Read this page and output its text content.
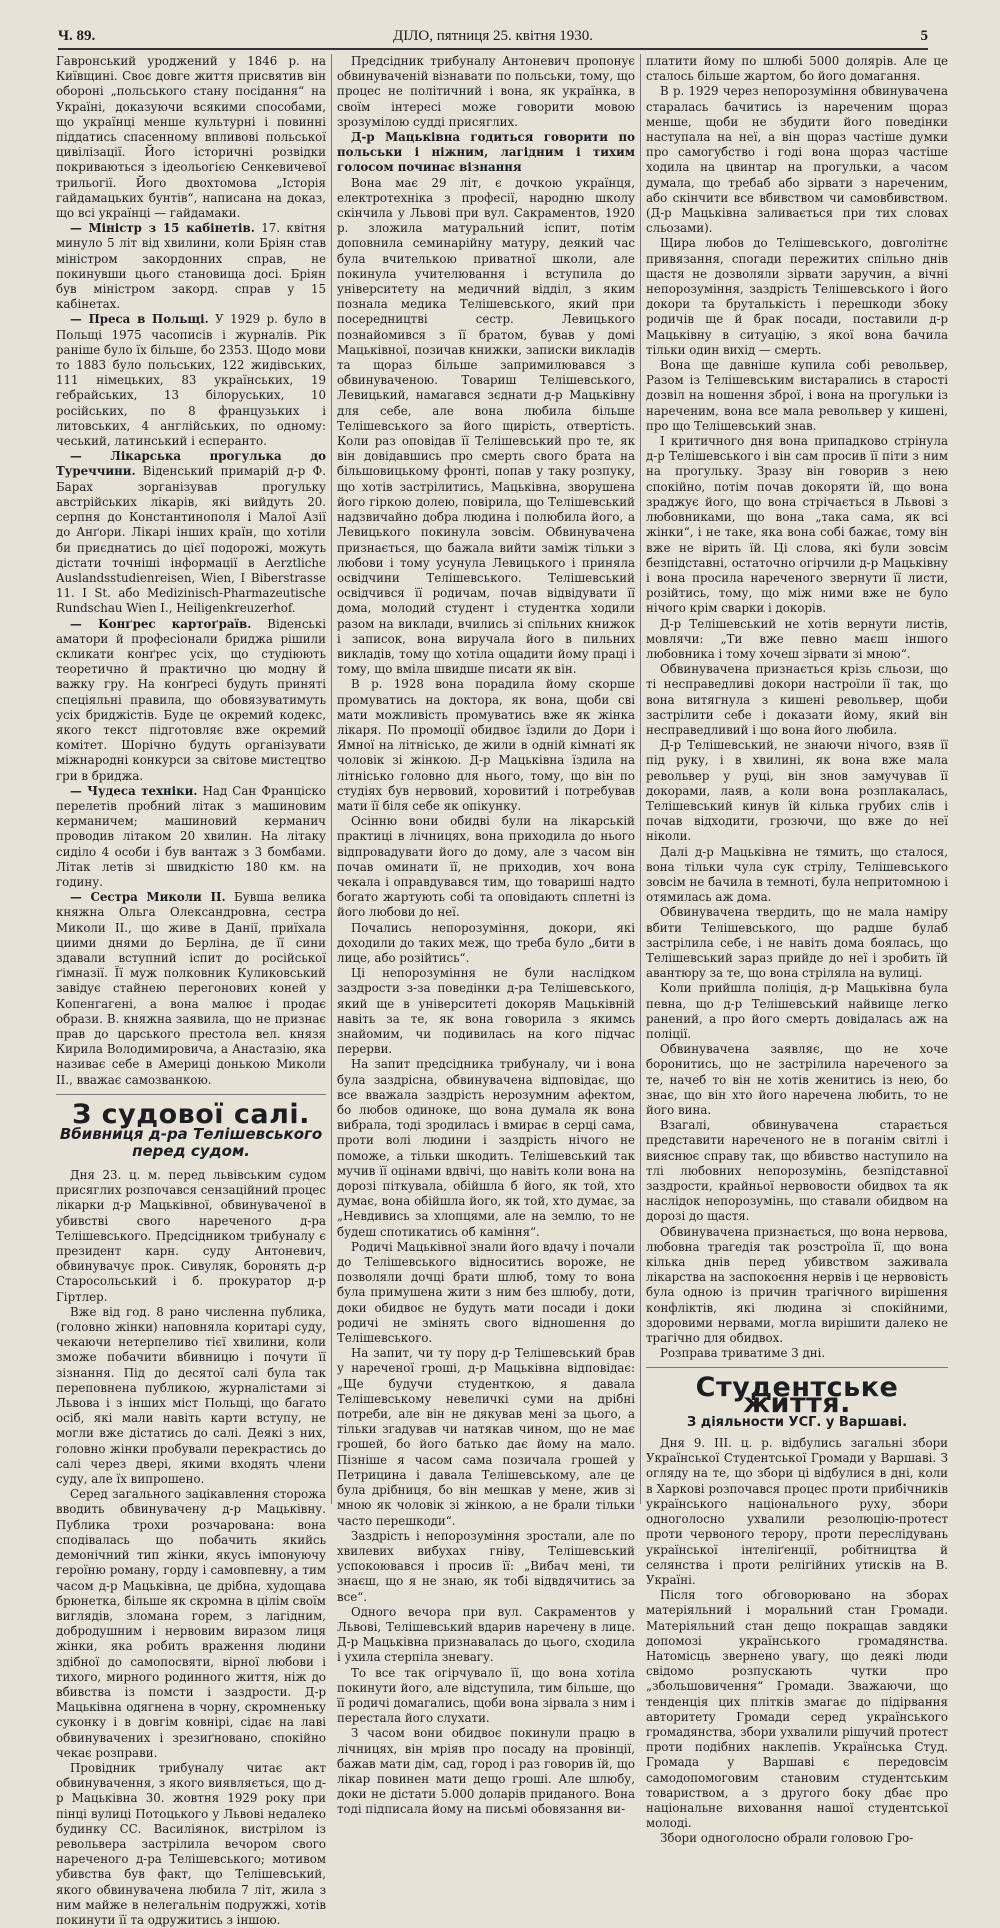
Ч. 89.	ДІЛО, пятниця 25. квітня 1930.	5

Гавронський уроджений у 1846 р. на Київщині. Своє довге життя присвятив він обороні „польського стану посідання“ на Україні, доказуючи всякими способами, що українці менше культурні і повинні піддатись спасенному впливові польської цивілізації. Його історичні розвідки покриваються з ідеольогією Сенкевичевої трильогії. Його двохтомова „Історія гайдамацьких бунтів“, написана на доказ, що всі українці — гайдамаки.

— Міністр з 15 кабінетів. 17. квітня минуло 5 літ від хвилини, коли Бріян став міністром закордонних справ, не покинувши цього становища досі. Бріян був міністром закорд. справ у 15 кабінетах.

— Преса в Польщі. У 1929 р. було в Польщі 1975 часописів і журналів. Рік раніше було їх більше, бо 2353. Щодо мови то 1883 було польських, 122 жидівських, 111 німецьких, 83 українських, 19 гебрайських, 13 білоруських, 10 російських, по 8 французьких і литовських, 4 англійських, по одному: чеський, латинський і есперанто.

— Лікарська прогулька до Туреччини. Віденський примарій д-р Ф. Барах зорганізував прогульку австрійських лікарів, які вийдуть 20. серпня до Константинополя і Малої Азії до Анґори. Лікарі інших країн, що хотіли би приєднатись до цієї подорожі, можуть дістати точніші інформації в Aerztliche Auslandsstudienreisen, Wien, I Biberstrasse 11. I St. або Medizinisch-Pharmazeutische Rundschau Wien I., Heiligenkreuzerhof.

— Конґрес картоґраїв. Віденські аматори й професіонали бриджа рішили скликати конґрес усіх, що студіюють теоретично й практично цю модну й важку гру. На конґресі будуть приняті спеціяльні правила, що обовязуватимуть усіх бриджістів. Буде це окремий кодекс, якого текст підготовляє вже окремий комітет. Шорічно будуть організувати міжнародні конкурси за світове мистецтво гри в бриджа.

— Чудеса техніки. Над Сан Франціско перелетів пробний літак з машиновим керманичем; машиновий керманич проводив літаком 20 хвилин. На літаку сиділо 4 особи і був вантаж з 3 бомбами. Літак летів зі швидкістю 180 км. на годину.

— Сестра Миколи II. Бувша велика княжна Ольга Олександровна, сестра Миколи II., що живе в Данії, приїхала циими днями до Берліна, де її сини здавали вступний іспит до російської ґімназії. Її муж полковник Куликовський завідує стайнею перегонових коней у Копенгагені, а вона малює і продає образи. В. княжна заявила, що не признає прав до царського престола вел. князя Кирила Володимировича, а Анастазію, яка називає себе в Америці донькою Миколи II., вважає самозванкою.

З судової салі.
Вбивниця д-ра Телішевського перед судом.

Дня 23. ц. м. перед львівським судом присяглих розпочався сензаційний процес лікарки д-р Мацьківної, обвинуваченої в убивстві свого нареченого д-ра Телішевського. Предсідником трибуналу є президент карн. суду Антоневич, обвинувачує прок. Сивуляк, боронять д-р Старосольський і б. прокуратор д-р Гіртлер.

Вже від год. 8 рано численна публика, (головно жінки) наповняла коритарі суду, чекаючи нетерпеливо тієї хвилини, коли зможе побачити вбивницю і почути її зізнання. Під до десятої салі була так переповнена публикою, журналістами зі Львова і з інших міст Польщі, що багато осіб, які мали навіть карти вступу, не могли вже дістатись до салі. Деякі з них, головно жінки пробували перекрастись до салі через двері, якими входять члени суду, але їх випрошено.

Серед загального зацікавлення сторожа вводить обвинувачену д-р Мацьківну. Публика трохи розчарована: вона сподівалась що побачить якийсь демонічний тип жінки, якусь імпонуючу героїню роману, горду і самовпевну, а тим часом д-р Мацьківна, це дрібна, худощава брюнетка, більше як скромна в цілім своїм виглядів, зломана горем, з лагідним, добродушним і нервовим виразом лиця жінки, яка робить враження людини здібної до самопосвяти, вірної любови і тихого, мирного родинного життя, ніж до вбивства із помсти і заздрости. Д-р Мацьківна одягнена в чорну, скромненьку суконку і в довгім ковнірі, сідає на лаві обвинувачених і зрезиґновано, спокійно чекає розправи.

Провідник трибуналу читає акт обвинувачення, з якого виявляється, що д-р Мацьківна 30. жовтня 1929 року при пінці вулиці Потоцького у Львові недалеко будинку СС. Василіянок, вистрілом із револьвера застрілила вечором свого нареченого д-ра Телішевського; мотивом убивства був факт, що Телішевський, якого обвинувачена любила 7 літ, жила з ним майже в нелегальнім подружжі, хотів покинути її та одружитись з іншою.

Предсідник трибуналу Антоневич пропонує обвинуваченій візнавати по польськи, тому, що процес не політичний і вона, як українка, в своїм інтересі може говорити мовою зрозумілою судді присяглих.

Д-р Мацьківна годиться говорити по польськи і ніжним, лагідним і тихим голосом починає візнання

Вона має 29 літ, є дочкою українця, електротехніка з професії, народню школу скінчила у Львові при вул. Сакраментов, 1920 р. зложила матуральний іспит, потім доповнила семинарійну матуру, деякий час була вчителькою приватної школи, але покинула учителювання і вступила до університету на медичний відділ, з яким познала медика Телішевського, який при посередництві сестр. Левицького познайомився з її братом, бував у домі Мацьківної, позичав книжки, записки викладів та щораз більше запримилювався з обвинуваченою. Товариш Телішевського, Левицький, намагався зєднати д-р Мацьківну для себе, але вона любила більше Телішевського за його щирість, отвертість. Коли раз оповідав її Телішевський про те, як він довідавшись про смерть свого брата на більшовицькому фронті, попав у таку розпуку, що хотів застрілитись, Мацьківна, зворушена його гіркою долею, повірила, що Телішевський надзвичайно добра людина і полюбила його, а Левицького покинула зовсім. Обвинувачена признається, що бажала вийти заміж тільки з любови і тому усунула Левицького і приняла освідчини Телішевського. Телішевський освідчився її родичам, почав відвідувати її дома, молодий студент і студентка ходили разом на виклади, вчились зі спільних книжок і записок, вона виручала його в пильних викладів, тому що хотіла ощадити йому праці і тому, що вміла швидше писати як він.

В р. 1928 вона порадила йому скорше промуватись на доктора, як вона, щоби сві мати можливість промуватись вже як жінка лікаря. По промоції обидвоє їздили до Дори і Ямної на літнісько, де жили в одній кімнаті як чоловік зі жінкою. Д-р Мацьківна їздила на літнісько головно для нього, тому, що він по студіях був нервовий, хоровитий і потребував мати її біля себе як опікунку.

Осінню вони обидві були на лікарській практиці в лічницях, вона приходила до нього відпровадувати його до дому, але з часом він почав оминати її, не приходив, хоч вона чекала і оправдувався тим, що товариші надто богато жартують собі та оповідають сплетні із його любови до неї.

Почались непорозуміння, докори, які доходили до таких меж, що треба було „бити в лице, або розійтись“.

Ці непорозуміння не були наслідком заздрости з-за поведінки д-ра Телішевського, який ще в університеті докоряв Мацьківній навіть за те, як вона говорила з якимсь знайомим, чи подивилась на кого підчас перерви.

На запит предсідника трибуналу, чи і вона була заздрісна, обвинувачена відповідає, що все вважала заздрість нерозумним афектом, бо любов одиноке, що вона думала як вона вибрала, тоді зродилась і вмирає в серці сама, проти волі людини і заздрість нічого не поможе, а тільки шкодить. Телішевський так мучив її оцінами вдвічі, що навіть коли вона на дорозі піткувала, обійшла б його, як той, хто думає, вона обійшла його, як той, хто думає, за „Невдивись за хлопцями, але на землю, то не будеш спотикатись об каміння“.

Родичі Мацьківної знали його вдачу і почали до Телішевського відноситись вороже, не позволяли дочці брати шлюб, тому то вона була примушена жити з ним без шлюбу, доти, доки обидвоє не будуть мати посади і доки родичі не змінять свого відношення до Телішевського.

На запит, чи ту пору д-р Телішевський брав у нареченої гроші, д-р Мацьківна відповідає: „Ще будучи студенткою, я давала Телішевському невеличкі суми на дрібні потреби, але він не дякував мені за цього, а тільки згадував чи натякав чином, що не має грошей, бо його батько дає йому на мало. Пізніше я часом сама позичала грошей у Петрицина і давала Телішевському, але це була дрібниця, бо він мешкав у мене, жив зі мною як чоловік зі жінкою, а не брали тільки часто перешкоди“.

Заздрість і непорозуміння зростали, але по хвилевих вибухах гніву, Телішевський успокоювався і просив її: „Вибач мені, ти знаєш, що я не знаю, як тобі відвдячитись за все“.

Одного вечора при вул. Сакраментов у Львові, Телішевський вдарив наречену в лице. Д-р Мацьківна признавалась до цього, сходила і ухила стерпіла зневагу.

То все так огірчувало її, що вона хотіла покинути його, але відступила, тим більше, що її родичі домагались, щоби вона зірвала з ним і перестала його слухати.

З часом вони обидвоє покинули працю в лічницях, він мріяв про посаду на провінції, бажав мати дім, сад, город і раз говорив їй, що лікар повинен мати дещо гроші. Але шлюбу, доки не дістати 5.000 доларів приданого. Вона тоді підписала йому на письмі обовязання ви-

платити йому по шлюбі 5000 долярів. Але це сталось більше жартом, бо його домагання.

В р. 1929 через непорозуміння обвинувачена старалась бачитись із нареченим щораз менше, щоби не збудити його поведінки наступала на неї, а він щораз частіше думки про самогубство і годі вона щораз частіше ходила на цвинтар на прогульки, а часом думала, що требаб або зірвати з нареченим, або скінчити все вбивством чи самовбивством. (Д-р Мацьківна заливається при тих словах сльозами).

Щира любов до Телішевського, довголітнє привязання, спогади пережитих спільно днів щастя не дозволяли зірвати заручин, а вічні непорозуміння, заздрість Телішевського і його докори та бруталькість і перешкоди збоку родичів ще й брак посади, поставили д-р Мацьківну в ситуацію, з якої вона бачила тільки один вихід — смерть.

Вона ще давніше купила собі револьвер, Разом із Телішевським вистарались в старості дозвіл на ношення зброї, і вона на прогульки із нареченим, вона все мала револьвер у кишені, про що Телішевський знав.

І критичного дня вона припадково стрінула д-р Телішевського і він сам просив її піти з ним на прогульку. Зразу він говорив з нею спокійно, потім почав докоряти їй, що вона зраджує його, що вона стрічається в Львові з любовниками, що вона „така сама, як всі жінки“, і не таке, яка вона собі бажає, тому він вже не вірить їй. Ці слова, які були зовсім безпідставні, остаточно огірчили д-р Мацьківну і вона просила нареченого звернути її листи, розійтись, тому, що між ними вже не було нічого крім сварки і докорів.

Д-р Телішевський не хотів вернути листів, мовлячи: „Ти вже певно маєш іншого любовника і тому хочеш зірвати зі мною“.

Обвинувачена признається крізь сльози, що ті несправедливі докори настроїли її так, що вона витягнула з кишені револьвер, щоби застрілити себе і доказати йому, який він несправедливий і що вона його любила.

Д-р Телішевський, не знаючи нічого, взяв її під руку, і в хвилині, як вона вже мала револьвер у руці, він знов замучував її докорами, лаяв, а коли вона розплакалась, Телішевський кинув їй кілька грубих слів і почав відходити, грозючи, що вже до неї ніколи.

Далі д-р Мацьківна не тямить, що сталося, вона тільки чула сук стрілу, Телішевського зовсім не бачила в темноті, була непритомною і отямилась аж дома.

Обвинувачена твердить, що не мала наміру вбити Телішевського, що радше булаб застрілила себе, і не навіть дома боялась, що Телішевський зараз прийде до неї і зробить їй авантюру за те, що вона стріляла на вулиці.

Коли прийшла поліція, д-р Мацьківна була певна, що д-р Телішевський найвище легко ранений, а про його смерть довідалась аж на поліції.

Обвинувачена заявляє, що не хоче боронитись, що не застрілила нареченого за те, начеб то він не хотів женитись із нею, бо знає, що він хто його наречена любить, то не його вина.

Взагалі, обвинувачена старається представити нареченого не в поганім світлі і вияснює справу так, що вбивство наступило на тлі любовних непорозумінь, безпідставної заздрости, крайньої нервовости обидвох та як наслідок непорозумінь, що ставали обидвом на дорозі до щастя.

Обвинувачена признається, що вона нервова, любовна трагедія так розстроїла її, що вона кілька днів перед убивством заживала лікарства на заспокоєння нервів і це нервовість була одною із причин трагічного вирішення конфліктів, які людина зі спокійними, здоровими нервами, могла вирішити далеко не трагічно для обидвох.

Розправа триватиме 3 дні.

Студентське життя.
З діяльности УСГ. у Варшаві.

Дня 9. III. ц. р. відбулись загальні збори Української Студентської Громади у Варшаві. З огляду на те, що збори ці відбулися в дні, коли в Харкові розпочався процес проти прибічників українського національного руху, збори одноголосно ухвалили резолюцію-протест проти червоного терору, проти переслідувань української інтеліґенції, робітництва й селянства і проти релігійних утисків на В. Україні.

Після того обговорювано на зборах матеріяльний і моральний стан Громади. Матеріяльний стан дещо покращав завдяки допомозі українського громадянства. Натомісць звернено увагу, що деякі люди свідомо розпускають чутки про „збольшовичення“ Громади. Зважаючи, що тенденція цих плітків змагає до підірвання авторитету Громади серед українського громадянства, збори ухвалили рішучий протест проти подібних наклепів. Українська Студ. Громада у Варшаві є передовсім самодопомоговим становим студентським товариством, а з другого боку дбає про національне виховання нашої студентської молоді.

Збори одноголосно обрали головою Гро-
